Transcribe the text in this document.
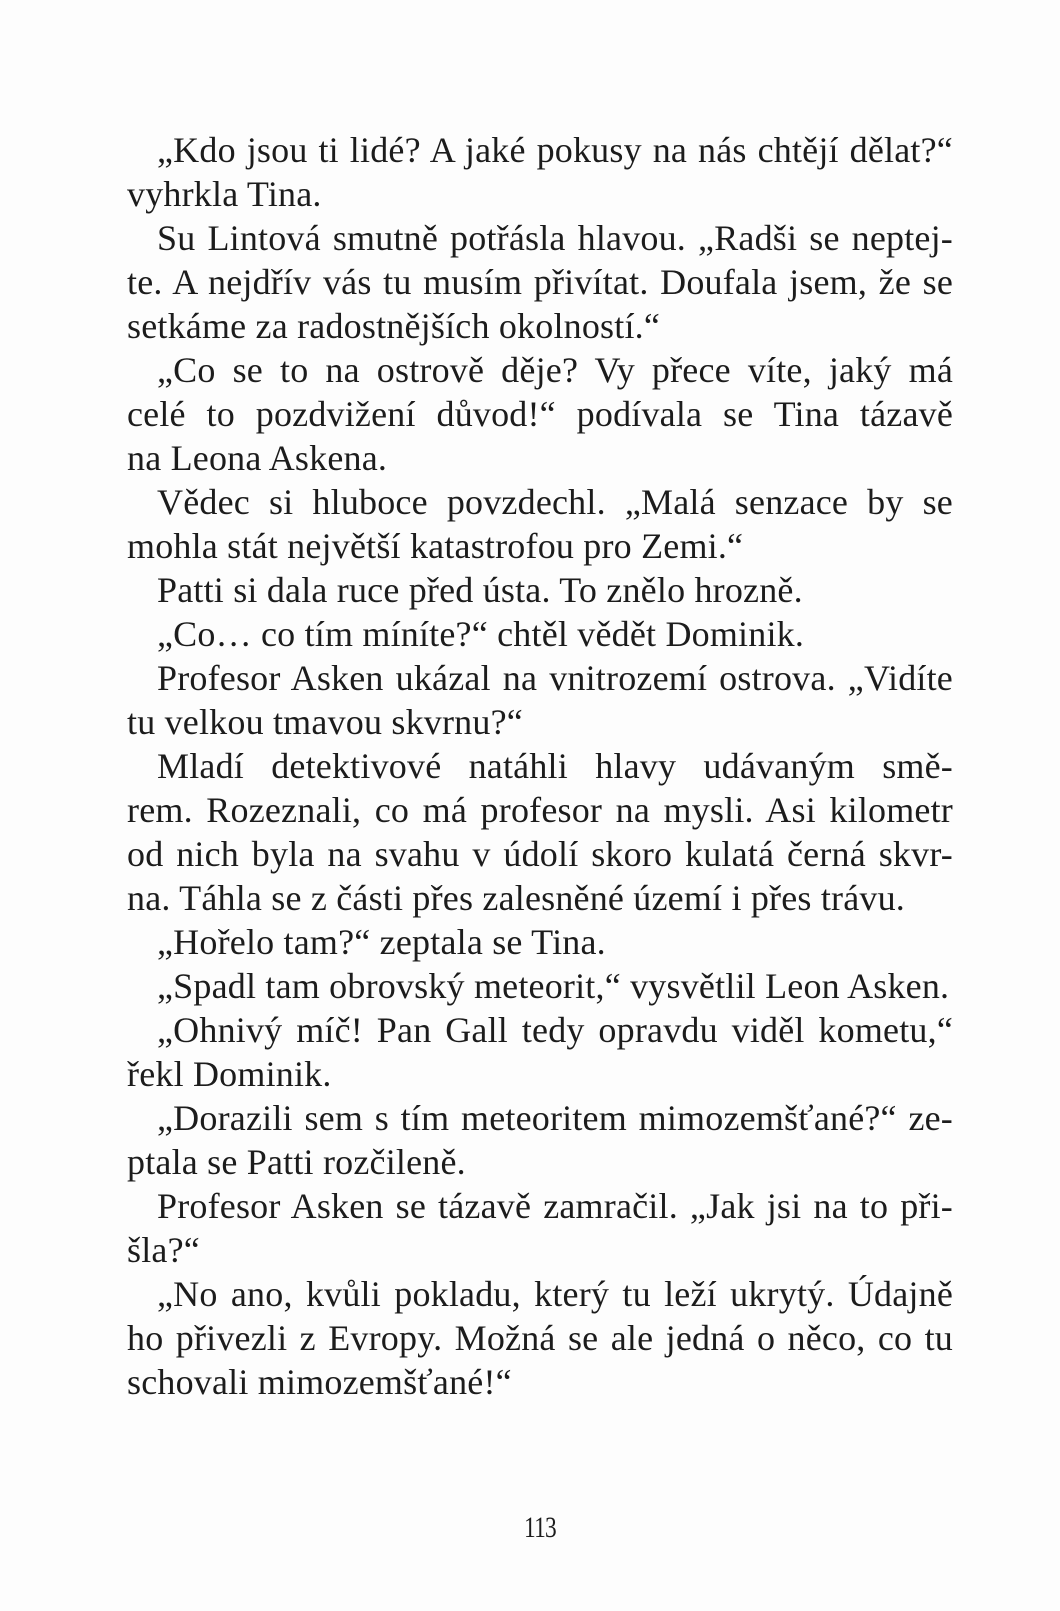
„Kdo jsou ti lidé? A jaké pokusy na nás chtějí dělat?“
vyhrkla Tina.
Su Lintová smutně potřásla hlavou. „Radši se neptej-
te. A nejdřív vás tu musím přivítat. Doufala jsem, že se
setkáme za radostnějších okolností.“
„Co se to na ostrově děje? Vy přece víte, jaký má
celé to pozdvižení důvod!“ podívala se Tina tázavě
na Leona Askena.
Vědec si hluboce povzdechl. „Malá senzace by se
mohla stát největší katastrofou pro Zemi.“
Patti si dala ruce před ústa. To znělo hrozně.
„Co… co tím míníte?“ chtěl vědět Dominik.
Profesor Asken ukázal na vnitrozemí ostrova. „Vidíte
tu velkou tmavou skvrnu?“
Mladí detektivové natáhli hlavy udávaným smě-
rem. Rozeznali, co má profesor na mysli. Asi kilometr
od nich byla na svahu v údolí skoro kulatá černá skvr-
na. Táhla se z části přes zalesněné území i přes trávu.
„Hořelo tam?“ zeptala se Tina.
„Spadl tam obrovský meteorit,“ vysvětlil Leon Asken.
„Ohnivý míč! Pan Gall tedy opravdu viděl kometu,“
řekl Dominik.
„Dorazili sem s tím meteoritem mimozemšťané?“ ze-
ptala se Patti rozčileně.
Profesor Asken se tázavě zamračil. „Jak jsi na to při-
šla?“
„No ano, kvůli pokladu, který tu leží ukrytý. Údajně
ho přivezli z Evropy. Možná se ale jedná o něco, co tu
schovali mimozemšťané!“
113
